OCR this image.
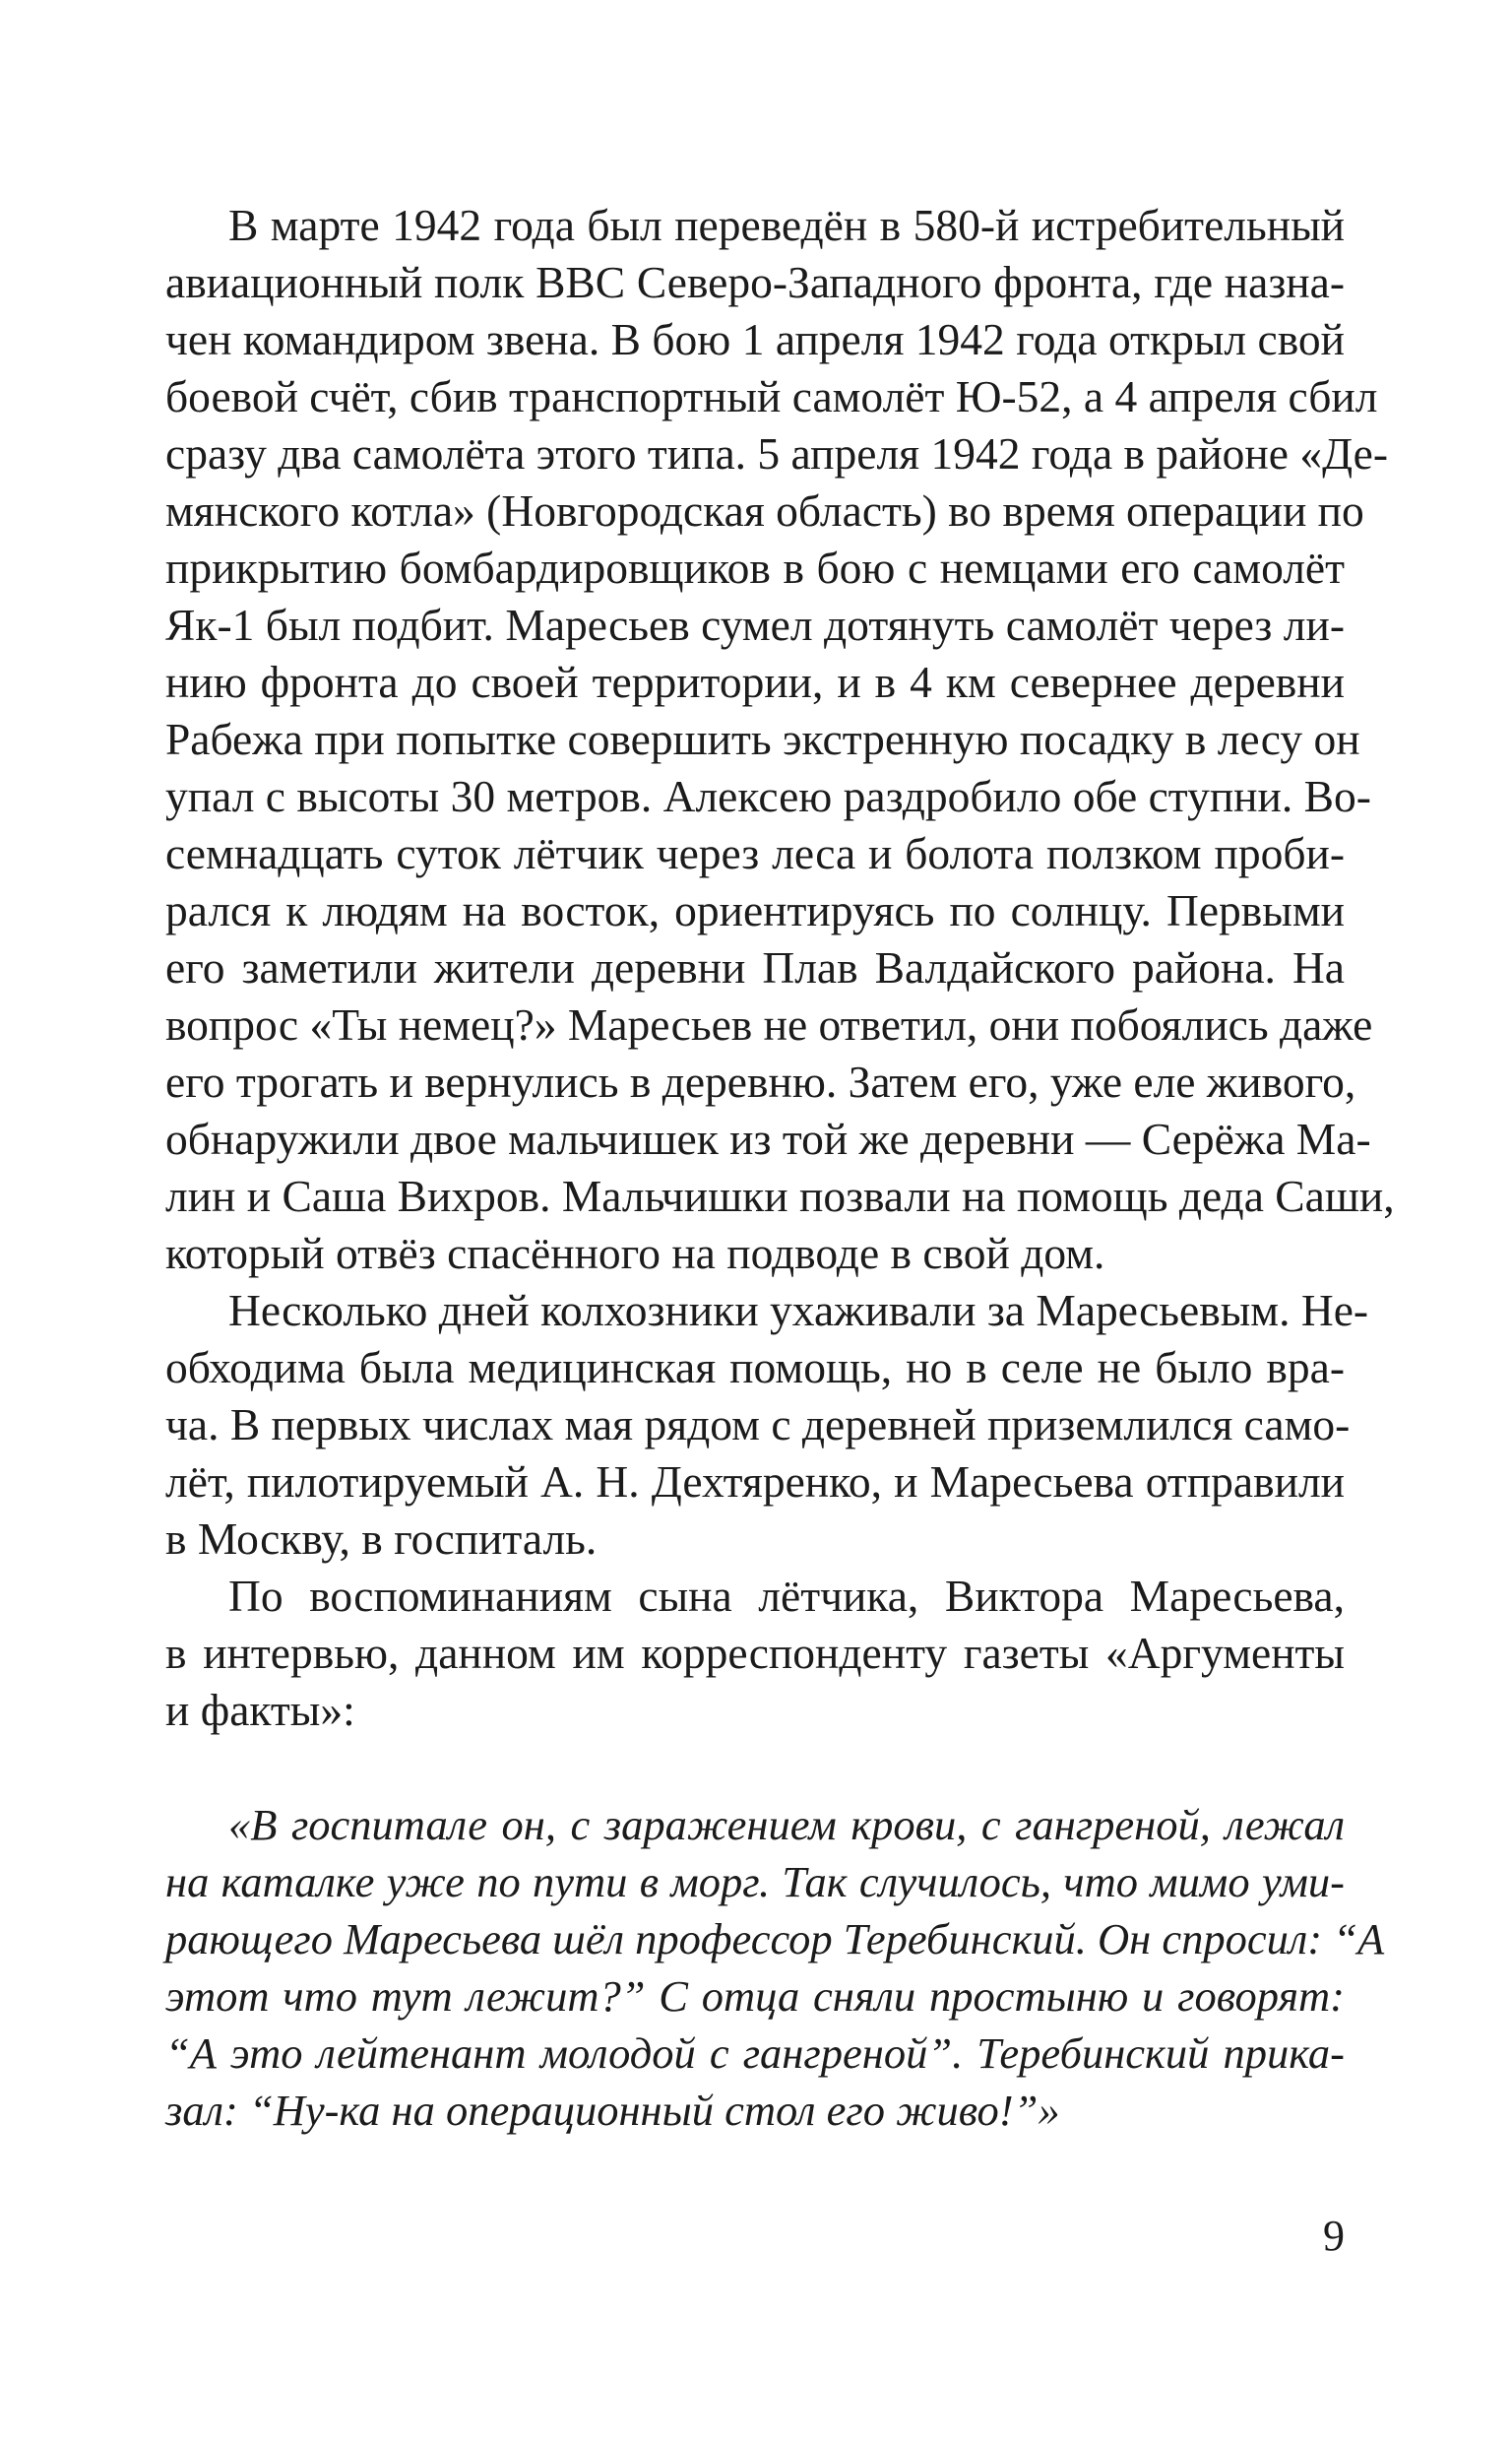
В марте 1942 года был переведён в 580-й истребительный
авиационный полк ВВС Северо-Западного фронта, где назна-
чен командиром звена. В бою 1 апреля 1942 года открыл свой
боевой счёт, сбив транспортный самолёт Ю-52, а 4 апреля сбил
сразу два самолёта этого типа. 5 апреля 1942 года в районе «Де-
мянского котла» (Новгородская область) во время операции по
прикрытию бомбардировщиков в бою с немцами его самолёт
Як-1 был подбит. Маресьев сумел дотянуть самолёт через ли-
нию фронта до своей территории, и в 4 км севернее деревни
Рабежа при попытке совершить экстренную посадку в лесу он
упал с высоты 30 метров. Алексею раздробило обе ступни. Во-
семнадцать суток лётчик через леса и болота ползком проби-
рался к людям на восток, ориентируясь по солнцу. Первыми
его заметили жители деревни Плав Валдайского района. На
вопрос «Ты немец?» Маресьев не ответил, они побоялись даже
его трогать и вернулись в деревню. Затем его, уже еле живого,
обнаружили двое мальчишек из той же деревни — Серёжа Ма-
лин и Саша Вихров. Мальчишки позвали на помощь деда Саши,
который отвёз спасённого на подводе в свой дом.
Несколько дней колхозники ухаживали за Маресьевым. Не-
обходима была медицинская помощь, но в селе не было вра-
ча. В первых числах мая рядом с деревней приземлился само-
лёт, пилотируемый А. Н. Дехтяренко, и Маресьева отправили
в Москву, в госпиталь.
По воспоминаниям сына лётчика, Виктора Маресьева,
в интервью, данном им корреспонденту газеты «Аргументы
и факты»:
«В госпитале он, с заражением крови, с гангреной, лежал
на каталке уже по пути в морг. Так случилось, что мимо уми-
рающего Маресьева шёл профессор Теребинский. Он спросил: “А
этот что тут лежит?” С отца сняли простыню и говорят:
“А это лейтенант молодой с гангреной”. Теребинский прика-
зал: “Ну-ка на операционный стол его живо!”»
9
